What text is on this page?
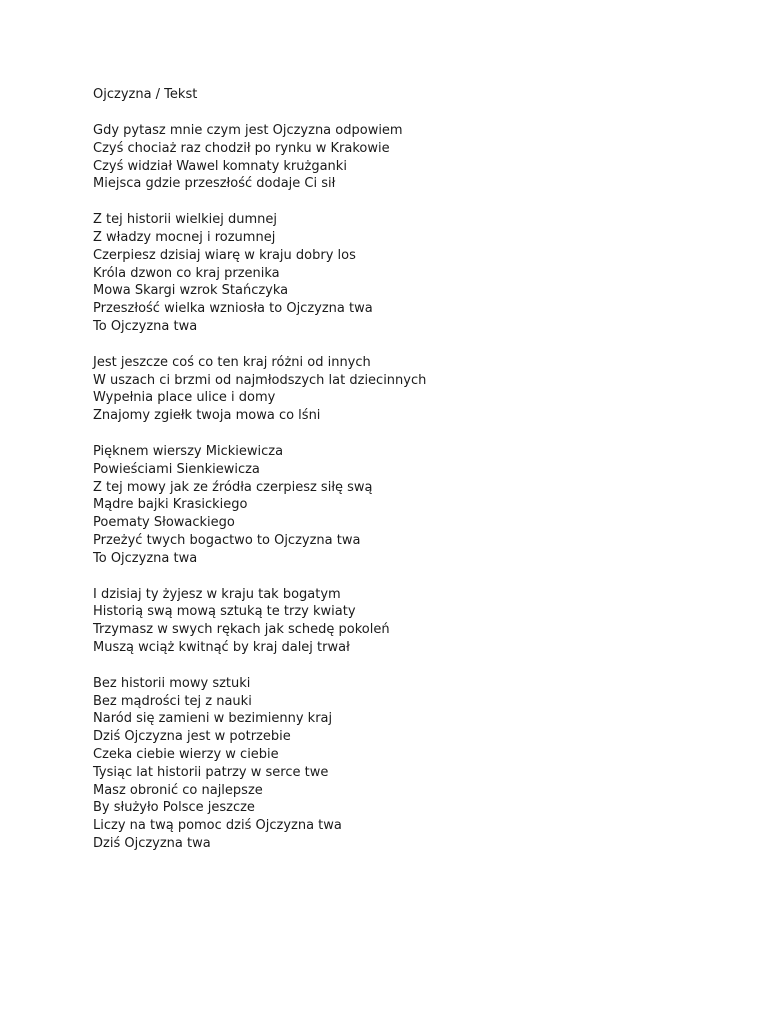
Ojczyzna / Tekst
Gdy pytasz mnie czym jest Ojczyzna odpowiem
Czyś chociaż raz chodził po rynku w Krakowie
Czyś widział Wawel komnaty krużganki
Miejsca gdzie przeszłość dodaje Ci sił
Z tej historii wielkiej dumnej
Z władzy mocnej i rozumnej
Czerpiesz dzisiaj wiarę w kraju dobry los
Króla dzwon co kraj przenika
Mowa Skargi wzrok Stańczyka
Przeszłość wielka wzniosła to Ojczyzna twa
To Ojczyzna twa
Jest jeszcze coś co ten kraj różni od innych
W uszach ci brzmi od najmłodszych lat dziecinnych
Wypełnia place ulice i domy
Znajomy zgiełk twoja mowa co lśni
Pięknem wierszy Mickiewicza
Powieściami Sienkiewicza
Z tej mowy jak ze źródła czerpiesz siłę swą
Mądre bajki Krasickiego
Poematy Słowackiego
Przeżyć twych bogactwo to Ojczyzna twa
To Ojczyzna twa
I dzisiaj ty żyjesz w kraju tak bogatym
Historią swą mową sztuką te trzy kwiaty
Trzymasz w swych rękach jak schedę pokoleń
Muszą wciąż kwitnąć by kraj dalej trwał
Bez historii mowy sztuki
Bez mądrości tej z nauki
Naród się zamieni w bezimienny kraj
Dziś Ojczyzna jest w potrzebie
Czeka ciebie wierzy w ciebie
Tysiąc lat historii patrzy w serce twe
Masz obronić co najlepsze
By służyło Polsce jeszcze
Liczy na twą pomoc dziś Ojczyzna twa
Dziś Ojczyzna twa
